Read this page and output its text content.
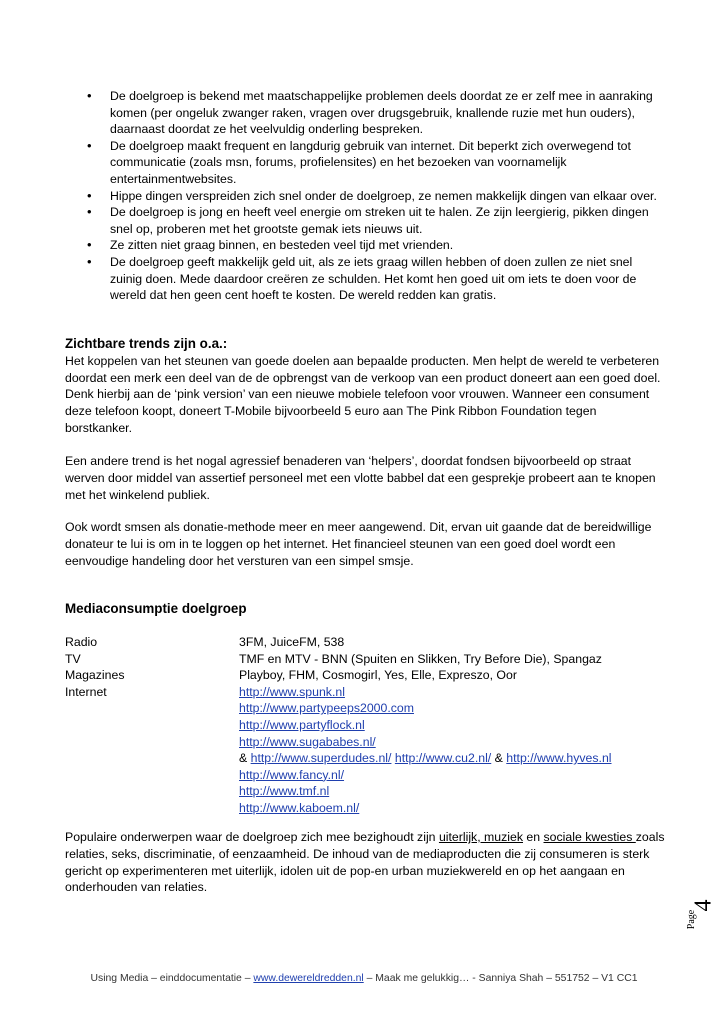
• De doelgroep is bekend met maatschappelijke problemen deels doordat ze er zelf mee in aanraking komen (per ongeluk zwanger raken, vragen over drugsgebruik, knallende ruzie met hun ouders), daarnaast doordat ze het veelvuldig onderling bespreken.
• De doelgroep maakt frequent en langdurig gebruik van internet. Dit beperkt zich overwegend tot communicatie (zoals msn, forums, profielensites) en het bezoeken van voornamelijk entertainmentwebsites.
• Hippe dingen verspreiden zich snel onder de doelgroep, ze nemen makkelijk dingen van elkaar over.
• De doelgroep is jong en heeft veel energie om streken uit te halen. Ze zijn leergierig, pikken dingen snel op, proberen met het grootste gemak iets nieuws uit.
• Ze zitten niet graag binnen, en besteden veel tijd met vrienden.
• De doelgroep geeft makkelijk geld uit, als ze iets graag willen hebben of doen zullen ze niet snel zuinig doen. Mede daardoor creëren ze schulden. Het komt hen goed uit om iets te doen voor de wereld dat hen geen cent hoeft te kosten. De wereld redden kan gratis.
Zichtbare trends zijn o.a.:
Het koppelen van het steunen van goede doelen aan bepaalde producten. Men helpt de wereld te verbeteren doordat een merk een deel van de de opbrengst van de verkoop van een product doneert aan een goed doel. Denk hierbij aan de ‘pink version’ van een nieuwe mobiele telefoon voor vrouwen. Wanneer een consument deze telefoon koopt, doneert T-Mobile bijvoorbeeld 5 euro aan The Pink Ribbon Foundation tegen borstkanker.
Een andere trend is het nogal agressief benaderen van ‘helpers’, doordat fondsen bijvoorbeeld op straat werven door middel van assertief personeel met een vlotte babbel dat een gesprekje probeert aan te knopen met het winkelend publiek.
Ook wordt smsen als donatie-methode meer en meer aangewend. Dit, ervan uit gaande dat de bereidwillige donateur te lui is om in te loggen op het internet. Het financieel steunen van een goed doel wordt een eenvoudige handeling door het versturen van een simpel smsje.
Mediaconsumptie doelgroep
Radio	3FM, JuiceFM, 538
TV	TMF en MTV - BNN (Spuiten en Slikken, Try Before Die), Spangaz
Magazines	Playboy, FHM, Cosmogirl, Yes, Elle, Expreszo, Oor
Internet	http://www.spunk.nl
http://www.partypeeps2000.com
http://www.partyflock.nl
http://www.sugababes.nl/
& http://www.superdudes.nl/ http://www.cu2.nl/ & http://www.hyves.nl
http://www.fancy.nl/
http://www.tmf.nl
http://www.kaboem.nl/
Populaire onderwerpen waar de doelgroep zich mee bezighoudt zijn uiterlijk, muziek en sociale kwesties zoals relaties, seks, discriminatie, of eenzaamheid. De inhoud van de mediaproducten die zij consumeren is sterk gericht op experimenteren met uiterlijk, idolen uit de pop-en urban muziekwereld en op het aangaan en onderhouden van relaties.
Page
4
Using Media – einddocumentatie – www.dewereldredden.nl – Maak me gelukkig… - Sanniya Shah – 551752 – V1 CC1
